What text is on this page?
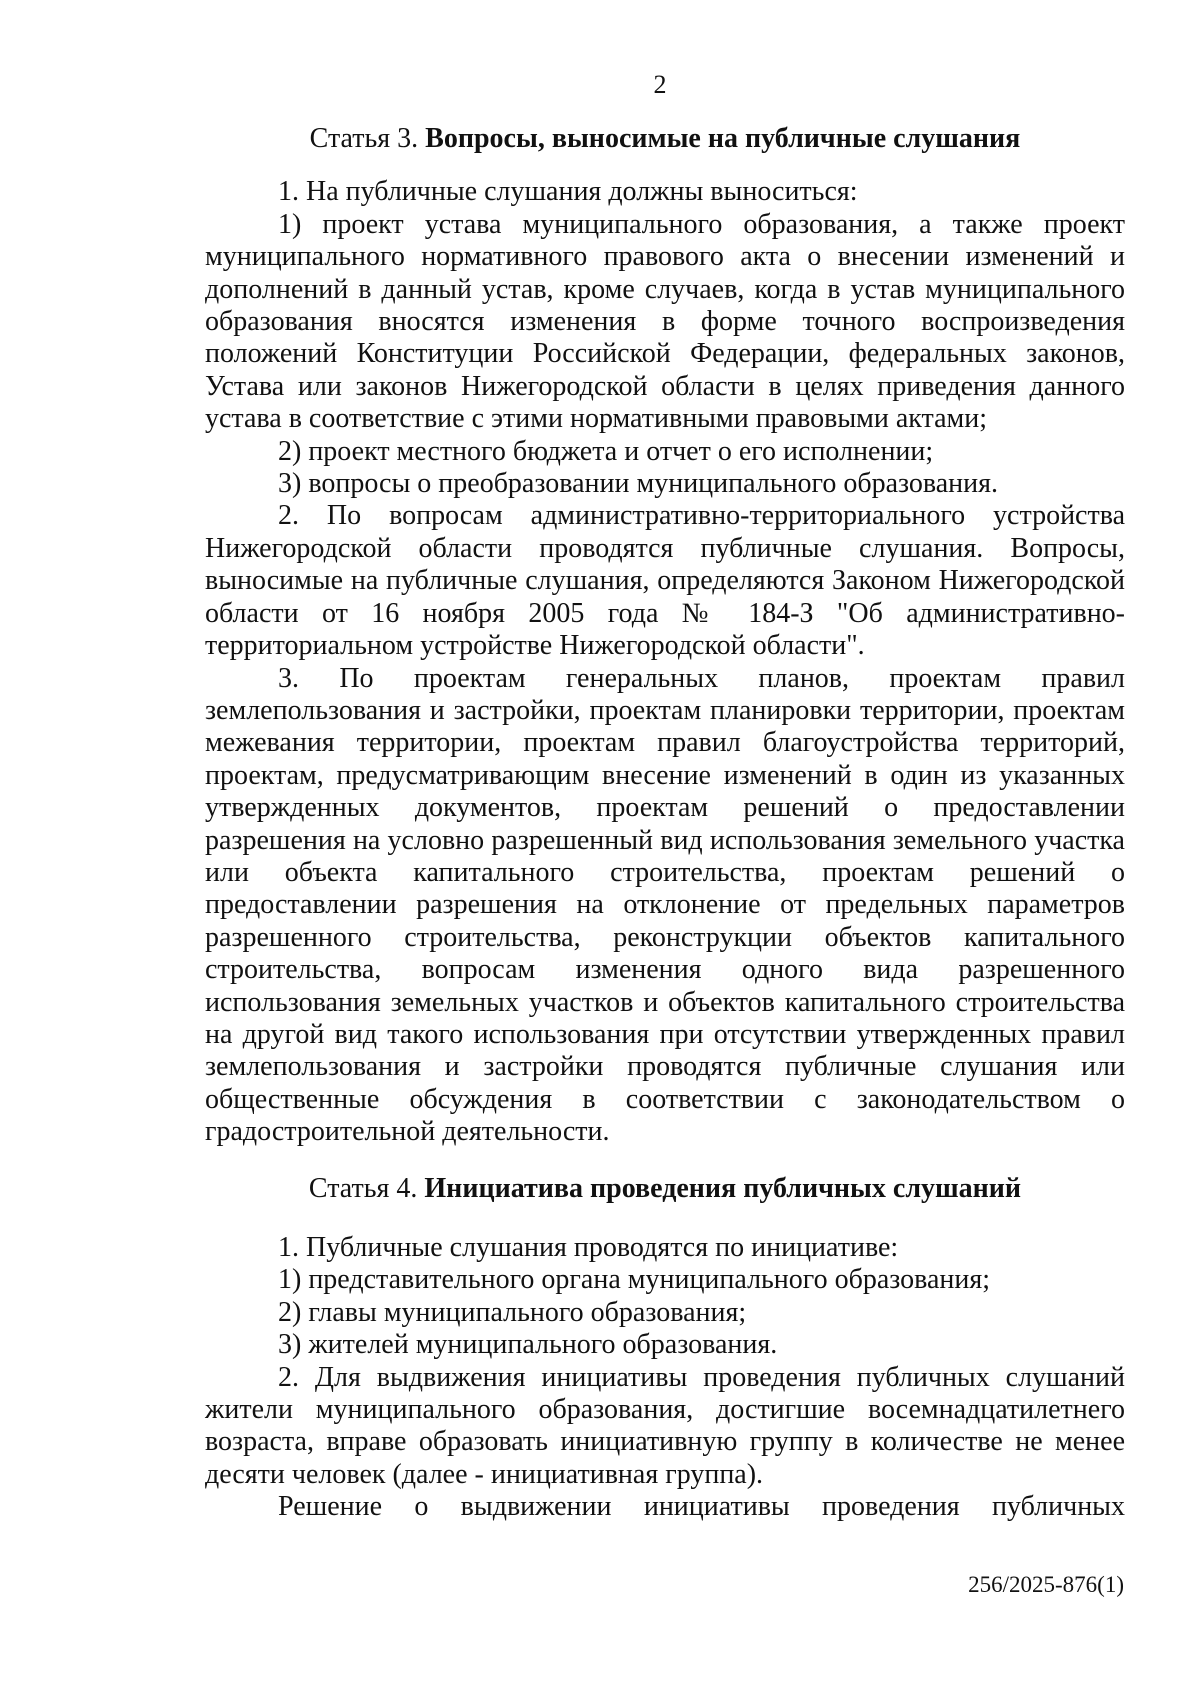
2

Статья 3. Вопросы, выносимые на публичные слушания

1. На публичные слушания должны выноситься:

1) проект устава муниципального образования, а также проект муниципального нормативного правового акта о внесении изменений и дополнений в данный устав, кроме случаев, когда в устав муниципального образования вносятся изменения в форме точного воспроизведения положений Конституции Российской Федерации, федеральных законов, Устава или законов Нижегородской области в целях приведения данного устава в соответствие с этими нормативными правовыми актами;

2) проект местного бюджета и отчет о его исполнении;

3) вопросы о преобразовании муниципального образования.

2. По вопросам административно-территориального устройства Нижегородской области проводятся публичные слушания. Вопросы, выносимые на публичные слушания, определяются Законом Нижегородской области от 16 ноября 2005 года № 184-З "Об административно-территориальном устройстве Нижегородской области".

3. По проектам генеральных планов, проектам правил землепользования и застройки, проектам планировки территории, проектам межевания территории, проектам правил благоустройства территорий, проектам, предусматривающим внесение изменений в один из указанных утвержденных документов, проектам решений о предоставлении разрешения на условно разрешенный вид использования земельного участка или объекта капитального строительства, проектам решений о предоставлении разрешения на отклонение от предельных параметров разрешенного строительства, реконструкции объектов капитального строительства, вопросам изменения одного вида разрешенного использования земельных участков и объектов капитального строительства на другой вид такого использования при отсутствии утвержденных правил землепользования и застройки проводятся публичные слушания или общественные обсуждения в соответствии с законодательством о градостроительной деятельности.

Статья 4. Инициатива проведения публичных слушаний

1. Публичные слушания проводятся по инициативе:

1) представительного органа муниципального образования;

2) главы муниципального образования;

3) жителей муниципального образования.

2. Для выдвижения инициативы проведения публичных слушаний жители муниципального образования, достигшие восемнадцатилетнего возраста, вправе образовать инициативную группу в количестве не менее десяти человек (далее - инициативная группа).

Решение о выдвижении инициативы проведения публичных

256/2025-876(1)
